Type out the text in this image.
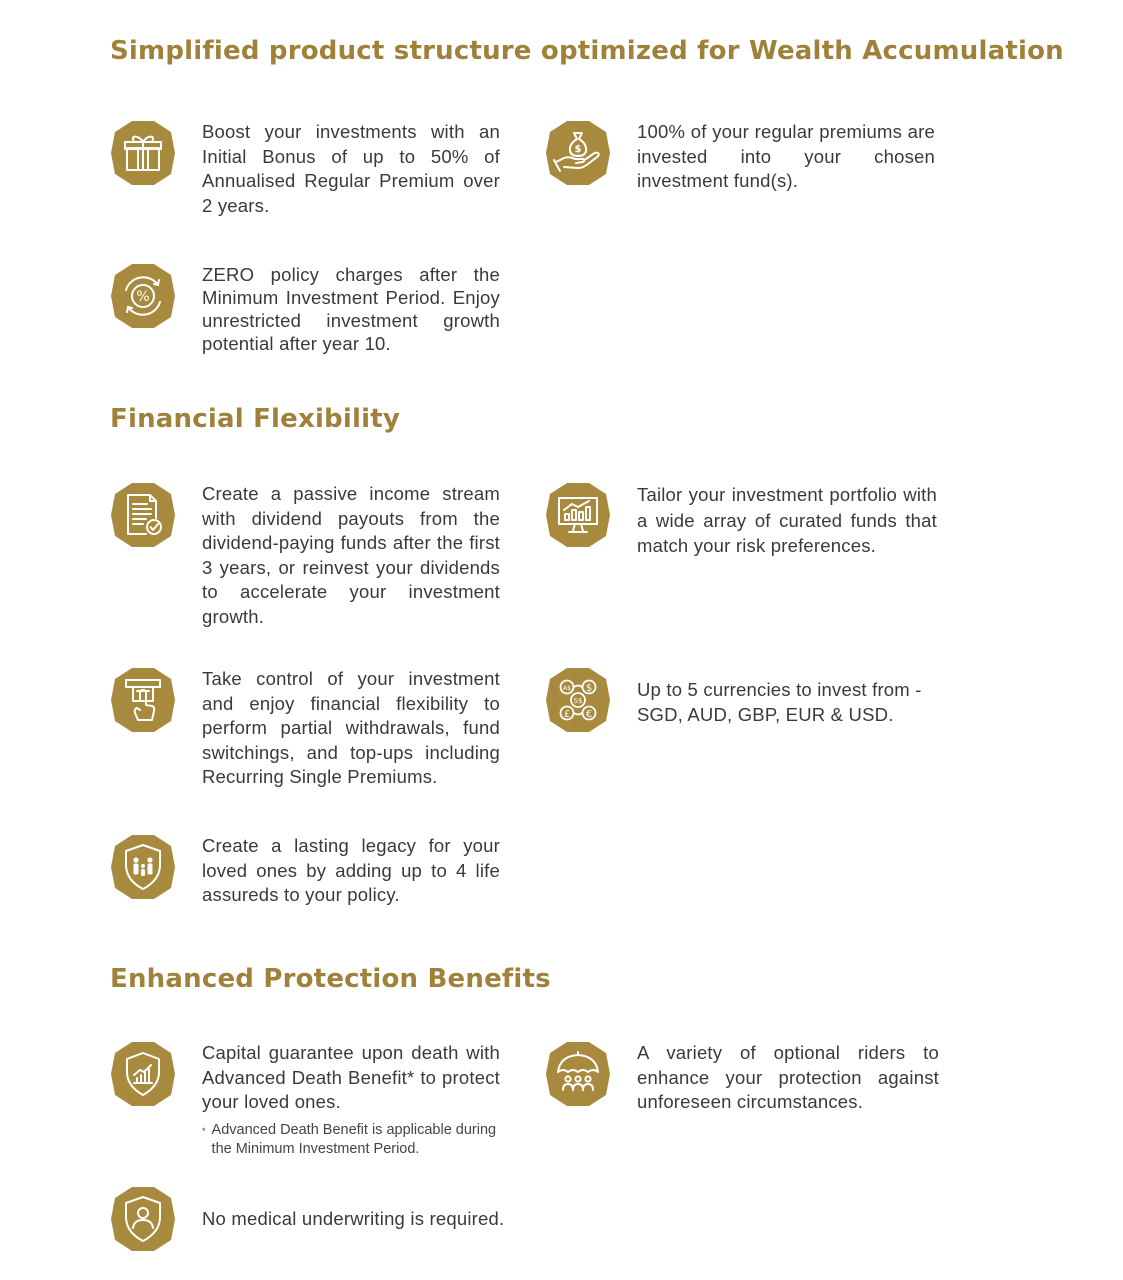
Simplified product structure optimized for Wealth Accumulation
Boost your investments with an Initial Bonus of up to 50% of Annualised Regular Premium over 2 years.
$
100% of your regular premiums are invested into your chosen investment fund(s).
%
ZERO policy charges after the Minimum Investment Period. Enjoy unrestricted investment growth potential after year 10.
Financial Flexibility
Create a passive income stream with dividend payouts from the dividend-paying funds after the first 3 years, or reinvest your dividends to accelerate your investment growth.
Tailor your investment portfolio with a wide array of curated funds that match your risk preferences.
Take control of your investment and enjoy financial flexibility to perform partial withdrawals, fund switchings, and top-ups including Recurring Single Premiums.
A$ $
S$
£ €
Up to 5 currencies to invest from - SGD, AUD, GBP, EUR & USD.
Create a lasting legacy for your loved ones by adding up to 4 life assureds to your policy.
Enhanced Protection Benefits
Capital guarantee upon death with Advanced Death Benefit* to protect your loved ones.
* Advanced Death Benefit is applicable during the Minimum Investment Period.
A variety of optional riders to enhance your protection against unforeseen circumstances.
No medical underwriting is required.
